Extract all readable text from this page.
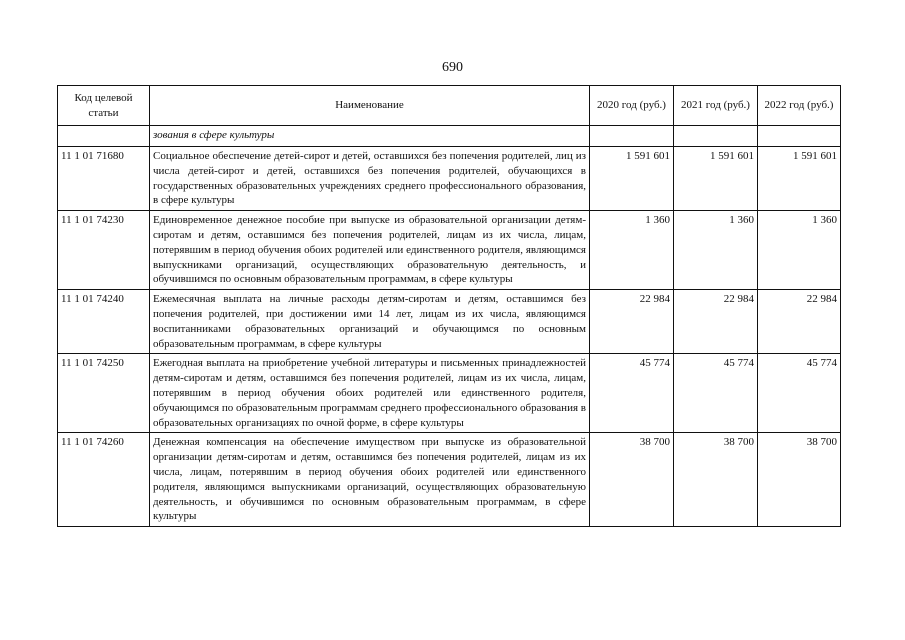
690
Код целевой статьи	Наименование	2020 год (руб.)	2021 год (руб.)	2022 год (руб.)
	зования в сфере культуры			
11 1 01 71680	Социальное обеспечение детей-сирот и детей, оставшихся без попечения родителей, лиц из числа детей-сирот и детей, оставшихся без попечения родителей, обучающихся в государственных образовательных учреждениях среднего профессионального образования, в сфере культуры	1 591 601	1 591 601	1 591 601
11 1 01 74230	Единовременное денежное пособие при выпуске из образовательной организации детям-сиротам и детям, оставшимся без попечения родителей, лицам из их числа, лицам, потерявшим в период обучения обоих родителей или единственного родителя, являющимся выпускниками организаций, осуществляющих образовательную деятельность, и обучившимся по основным образовательным программам, в сфере культуры	1 360	1 360	1 360
11 1 01 74240	Ежемесячная выплата на личные расходы детям-сиротам и детям, оставшимся без попечения родителей, при достижении ими 14 лет, лицам из их числа, являющимся воспитанниками образовательных организаций и обучающимся по основным образовательным программам, в сфере культуры	22 984	22 984	22 984
11 1 01 74250	Ежегодная выплата на приобретение учебной литературы и письменных принадлежностей детям-сиротам и детям, оставшимся без попечения родителей, лицам из их числа, лицам, потерявшим в период обучения обоих родителей или единственного родителя, обучающимся по образовательным программам среднего профессионального образования в образовательных организациях по очной форме, в сфере культуры	45 774	45 774	45 774
11 1 01 74260	Денежная компенсация на обеспечение имуществом при выпуске из образовательной организации детям-сиротам и детям, оставшимся без попечения родителей, лицам из их числа, лицам, потерявшим в период обучения обоих родителей или единственного родителя, являющимся выпускниками организаций, осуществляющих образовательную деятельность, и обучившимся по основным образовательным программам, в сфере культуры	38 700	38 700	38 700
